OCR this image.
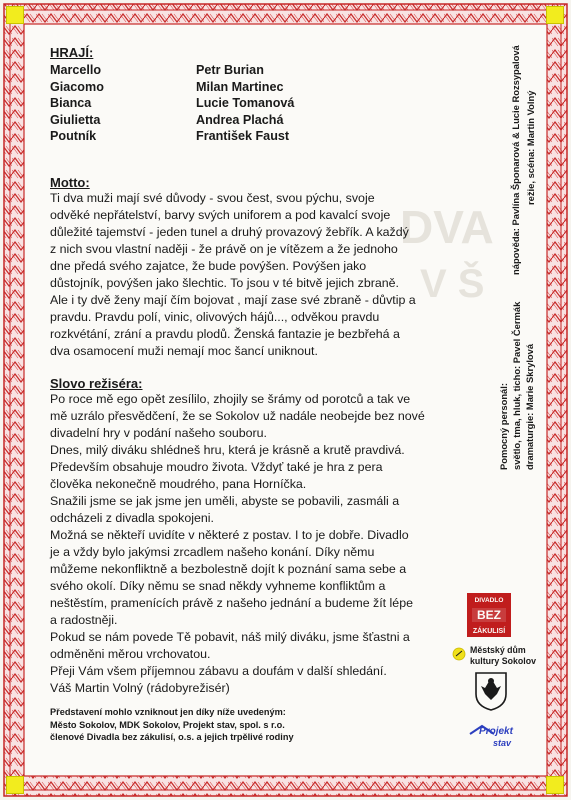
DVA
V Š
HRAJÍ:
Marcello	Petr Burian
Giacomo	Milan Martinec
Bianca	Lucie Tomanová
Giulietta	Andrea Plachá
Poutník	František Faust
Motto:

Ti dva muži mají své důvody - svou čest, svou pýchu, svoje

odvěké nepřátelství, barvy svých uniforem a pod kavalcí svoje

důležité tajemství - jeden tunel a druhý provazový žebřík. A každý

z nich svou vlastní naději - že právě on je vítězem a že jednoho

dne předá svého zajatce, že bude povýšen. Povýšen jako

důstojník, povýšen jako šlechtic. To jsou v té bitvě jejich zbraně.

Ale i ty dvě ženy mají čím bojovat , mají zase své zbraně - důvtip a

pravdu. Pravdu polí, vinic, olivových hájů..., odvěkou pravdu

rozkvétání, zrání a pravdu plodů. Ženská fantazie je bezbřehá a

dva osamocení muži nemají moc šancí uniknout.

Slovo režiséra:

Po roce mě ego opět zesílilo, zhojily se šrámy od porotců a tak ve

mě uzrálo přesvědčení, že se Sokolov už nadále neobejde bez nové

divadelní hry v podání našeho souboru.

Dnes, milý diváku shlédneš hru, která je krásně a krutě pravdivá.

Především obsahuje moudro života. Vždyť také je hra z pera

člověka nekonečně moudrého, pana Horníčka.

Snažili jsme se jak jsme jen uměli, abyste se pobavili, zasmáli a

odcházeli z divadla spokojeni.

Možná se někteří uvidíte v některé z postav. I to je dobře. Divadlo

je a vždy bylo jakýmsi zrcadlem našeho konání. Díky němu

můžeme nekonfliktně a bezbolestně dojít k poznání sama sebe a

svého okolí. Díky němu se snad někdy vyhneme konfliktům a

neštěstím, pramenících právě z našeho jednání a budeme žít lépe

a radostněji.

Pokud se nám povede Tě pobavit, náš milý diváku, jsme šťastni a

odměněni měrou vrchovatou.

Přeji Vám všem příjemnou zábavu a doufám v další shledání.

Váš Martin Volný (rádobyrežisér)

Představení mohlo vzniknout jen díky níže uvedeným:
Město Sokolov, MDK Sokolov, Projekt stav, spol. s r.o.
členové Divadla bez zákulisí, o.s. a jejich trpělivé rodiny
nápověda: Pavlína Šponarová & Lucie Rozsypalová režie, scéna: Martin Volný
Pomocný personál: světlo, tma, hluk, ticho: Pavel Čermák dramaturgie: Marie Skrylová
DIVADLO
BEZ
ZÁKULISÍ
Městský dům
kultury Sokolov
Projekt
stav
